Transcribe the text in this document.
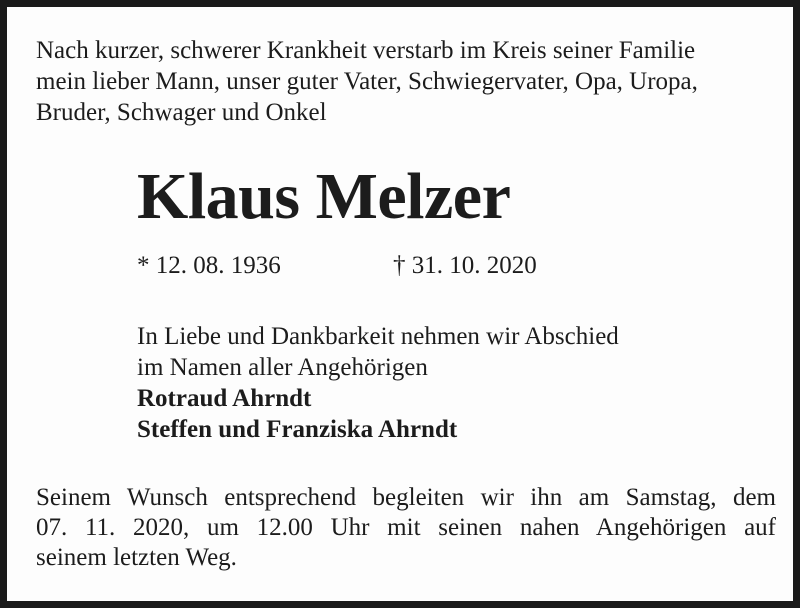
Nach kurzer, schwerer Krankheit verstarb im Kreis seiner Familie
mein lieber Mann, unser guter Vater, Schwiegervater, Opa, Uropa,
Bruder, Schwager und Onkel

Klaus Melzer
* 12. 08. 1936	† 31. 10. 2020

In Liebe und Dankbarkeit nehmen wir Abschied
im Namen aller Angehörigen
Rotraud Ahrndt
Steffen und Franziska Ahrndt

Seinem Wunsch entsprechend begleiten wir ihn am Samstag, dem
07. 11. 2020, um 12.00 Uhr mit seinen nahen Angehörigen auf
seinem letzten Weg.
